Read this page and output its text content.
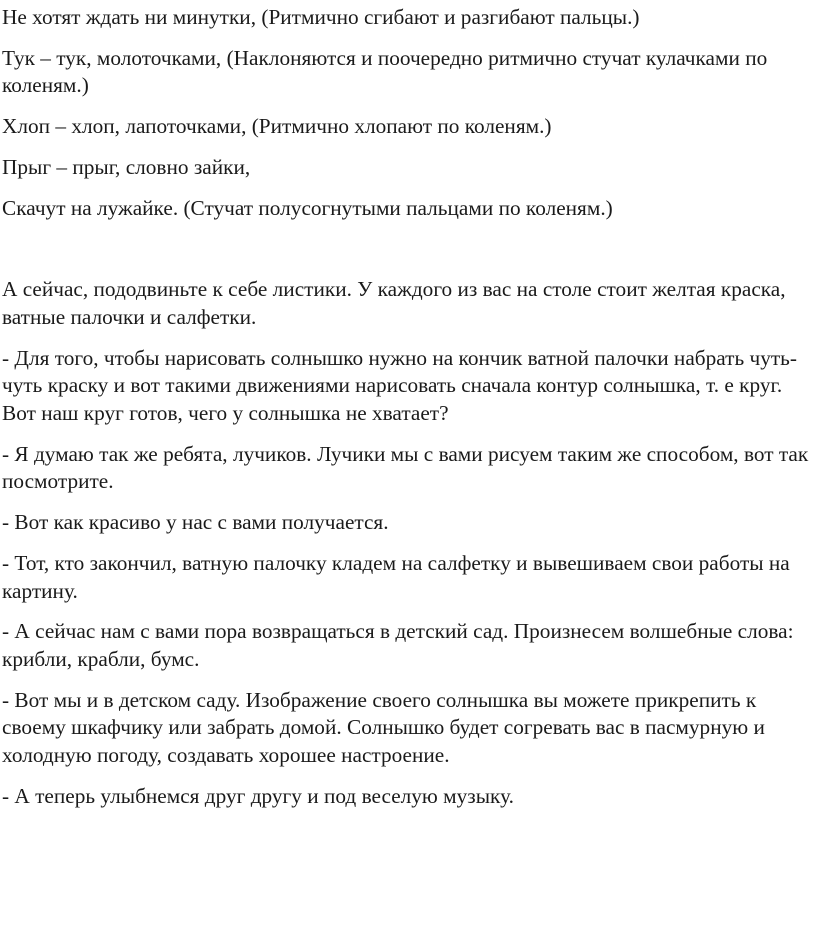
Не хотят ждать ни минутки, (Ритмично сгибают и разгибают пальцы.)

Тук – тук, молоточками, (Наклоняются и поочередно ритмично стучат кулачками по коленям.)

Хлоп – хлоп, лапоточками, (Ритмично хлопают по коленям.)

Прыг – прыг, словно зайки,

Скачут на лужайке. (Стучат полусогнутыми пальцами по коленям.)

А сейчас, пододвиньте к себе листики. У каждого из вас на столе стоит желтая краска, ватные палочки и салфетки.

- Для того, чтобы нарисовать солнышко нужно на кончик ватной палочки набрать чуть-чуть краску и вот такими движениями нарисовать сначала контур солнышка, т. е круг. Вот наш круг готов, чего у солнышка не хватает?

- Я думаю так же ребята, лучиков. Лучики мы с вами рисуем таким же способом, вот так посмотрите.

- Вот как красиво у нас с вами получается.

- Тот, кто закончил, ватную палочку кладем на салфетку и вывешиваем свои работы на картину.

- А сейчас нам с вами пора возвращаться в детский сад. Произнесем волшебные слова: крибли, крабли, бумс.

- Вот мы и в детском саду. Изображение своего солнышка вы можете прикрепить к своему шкафчику или забрать домой. Солнышко будет согревать вас в пасмурную и холодную погоду, создавать хорошее настроение.

- А теперь улыбнемся друг другу и под веселую музыку.
